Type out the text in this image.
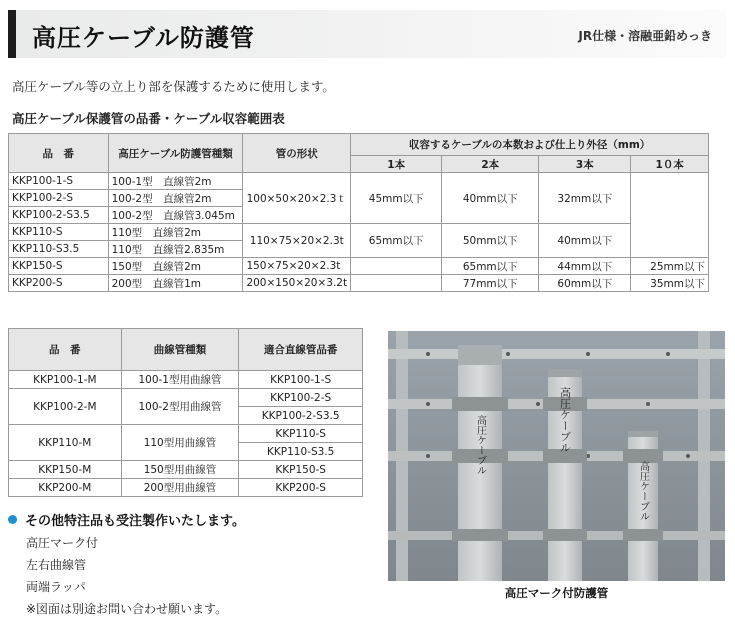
高圧ケーブル防護管	JR仕様・溶融亜鉛めっき
高圧ケーブル等の立上り部を保護するために使用します。
高圧ケーブル保護管の品番・ケーブル収容範囲表
品　番	高圧ケーブル防護管種類	管の形状	収容するケーブルの本数および仕上り外径（mm）			
			1本	2本	3本	1０本
KKP100-1-S	100-1型　直線管2m	100×50×20×2.3ｔ	45mm以下	40mm以下	32mm以下	
KKP100-2-S	100-2型　直線管2m					
KKP100-2-S3.5	100-2型　直線管3.045m					
KKP110-S	110型　直線管2m	110×75×20×2.3t	65mm以下	50mm以下	40mm以下	
KKP110-S3.5	110型　直線管2.835m					
KKP150-S	150型　直線管2m	150×75×20×2.3t		65mm以下	44mm以下	25mm以下
KKP200-S	200型　直線管1m	200×150×20×3.2t		77mm以下	60mm以下	35mm以下
品　番	曲線管種類	適合直線管品番
KKP100-1-M	100-1型用曲線管	KKP100-1-S
KKP100-2-M	100-2型用曲線管	KKP100-2-S
		KKP100-2-S3.5
KKP110-M	110型用曲線管	KKP110-S
		KKP110-S3.5
KKP150-M	150型用曲線管	KKP150-S
KKP200-M	200型用曲線管	KKP200-S
その他特注品も受注製作いたします。
高圧マーク付
左右曲線管
両端ラッパ
※図面は別途お問い合わせ願います。
高圧ケーブル	高圧ケーブル
高圧ケーブル
高圧マーク付防護管
